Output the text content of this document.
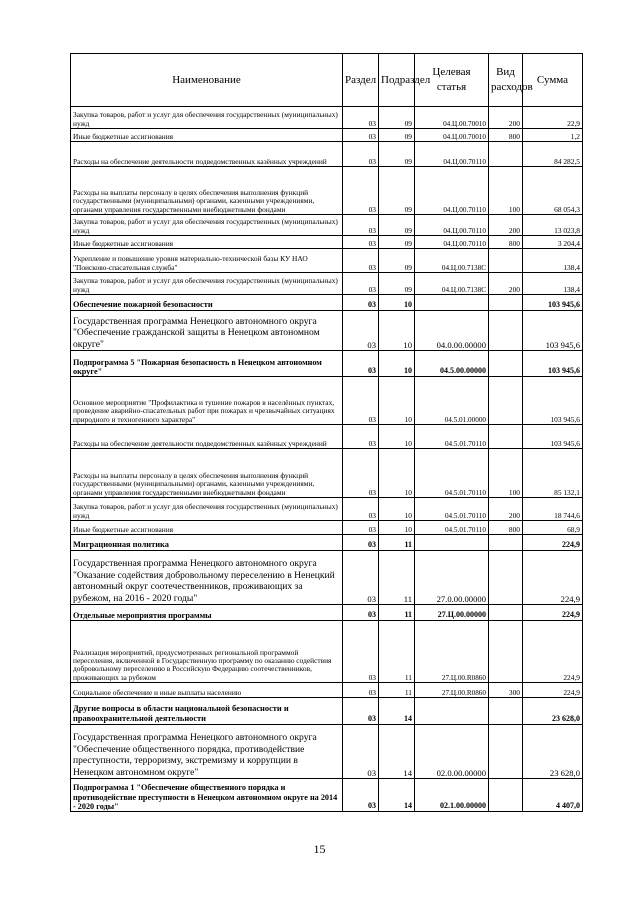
Наименование	Раздел	Подраздел	Целевая статья	Вид расходов	Сумма
Закупка товаров, работ и услуг для обеспечения государственных (муниципальных) нужд	03	09	04.Ц.00.70010	200	22,9
Иные бюджетные ассигнования	03	09	04.Ц.00.70010	800	1,2
Расходы на обеспечение деятельности подведомственных казённых учреждений	03	09	04.Ц.00.70110		84 282,5
Расходы на выплаты персоналу в целях обеспечения выполнения функций государственными (муниципальными) органами, казенными учреждениями, органами управления государственными внебюджетными фондами	03	09	04.Ц.00.70110	100	68 054,3
Закупка товаров, работ и услуг для обеспечения государственных (муниципальных) нужд	03	09	04.Ц.00.70110	200	13 023,8
Иные бюджетные ассигнования	03	09	04.Ц.00.70110	800	3 204,4
Укрепление и повышение уровня материально-технической базы КУ НАО "Поисково-спасательная служба"	03	09	04.Ц.00.7138С		138,4
Закупка товаров, работ и услуг для обеспечения государственных (муниципальных) нужд	03	09	04.Ц.00.7138С	200	138,4
Обеспечение пожарной безопасности	03	10			103 945,6
Государственная программа Ненецкого автономного округа "Обеспечение гражданской защиты в Ненецком автономном округе"	03	10	04.0.00.00000		103 945,6
Подпрограмма 5 "Пожарная безопасность в Ненецком автономном округе"	03	10	04.5.00.00000		103 945,6
Основное мероприятие "Профилактика и тушение пожаров в населённых пунктах, проведение аварийно-спасательных работ при пожарах и чрезвычайных ситуациях природного и техногенного характера"	03	10	04.5.01.00000		103 945,6
Расходы на обеспечение деятельности подведомственных казённых учреждений	03	10	04.5.01.70110		103 945,6
Расходы на выплаты персоналу в целях обеспечения выполнения функций государственными (муниципальными) органами, казенными учреждениями, органами управления государственными внебюджетными фондами	03	10	04.5.01.70110	100	85 132,1
Закупка товаров, работ и услуг для обеспечения государственных (муниципальных) нужд	03	10	04.5.01.70110	200	18 744,6
Иные бюджетные ассигнования	03	10	04.5.01.70110	800	68,9
Миграционная политика	03	11			224,9
Государственная программа Ненецкого автономного округа "Оказание содействия добровольному переселению в Ненецкий автономный округ соотечественников, проживающих за рубежом, на 2016 - 2020 годы"	03	11	27.0.00.00000		224,9
Отдельные мероприятия программы	03	11	27.Ц.00.00000		224,9
Реализация мероприятий, предусмотренных региональной программой переселения, включенной в Государственную программу по оказанию содействия добровольному переселению в Российскую Федерацию соотечественников, проживающих за рубежом	03	11	27.Ц.00.R0860		224,9
Социальное обеспечение и иные выплаты населению	03	11	27.Ц.00.R0860	300	224,9
Другие вопросы в области национальной безопасности и правоохранительной деятельности	03	14			23 628,0
Государственная программа Ненецкого автономного округа "Обеспечение общественного порядка, противодействие преступности, терроризму, экстремизму и коррупции в Ненецком автономном округе"	03	14	02.0.00.00000		23 628,0
Подпрограмма 1 "Обеспечение общественного порядка и противодействие преступности в Ненецком автономном округе на 2014 - 2020 годы"	03	14	02.1.00.00000		4 407,0
15
